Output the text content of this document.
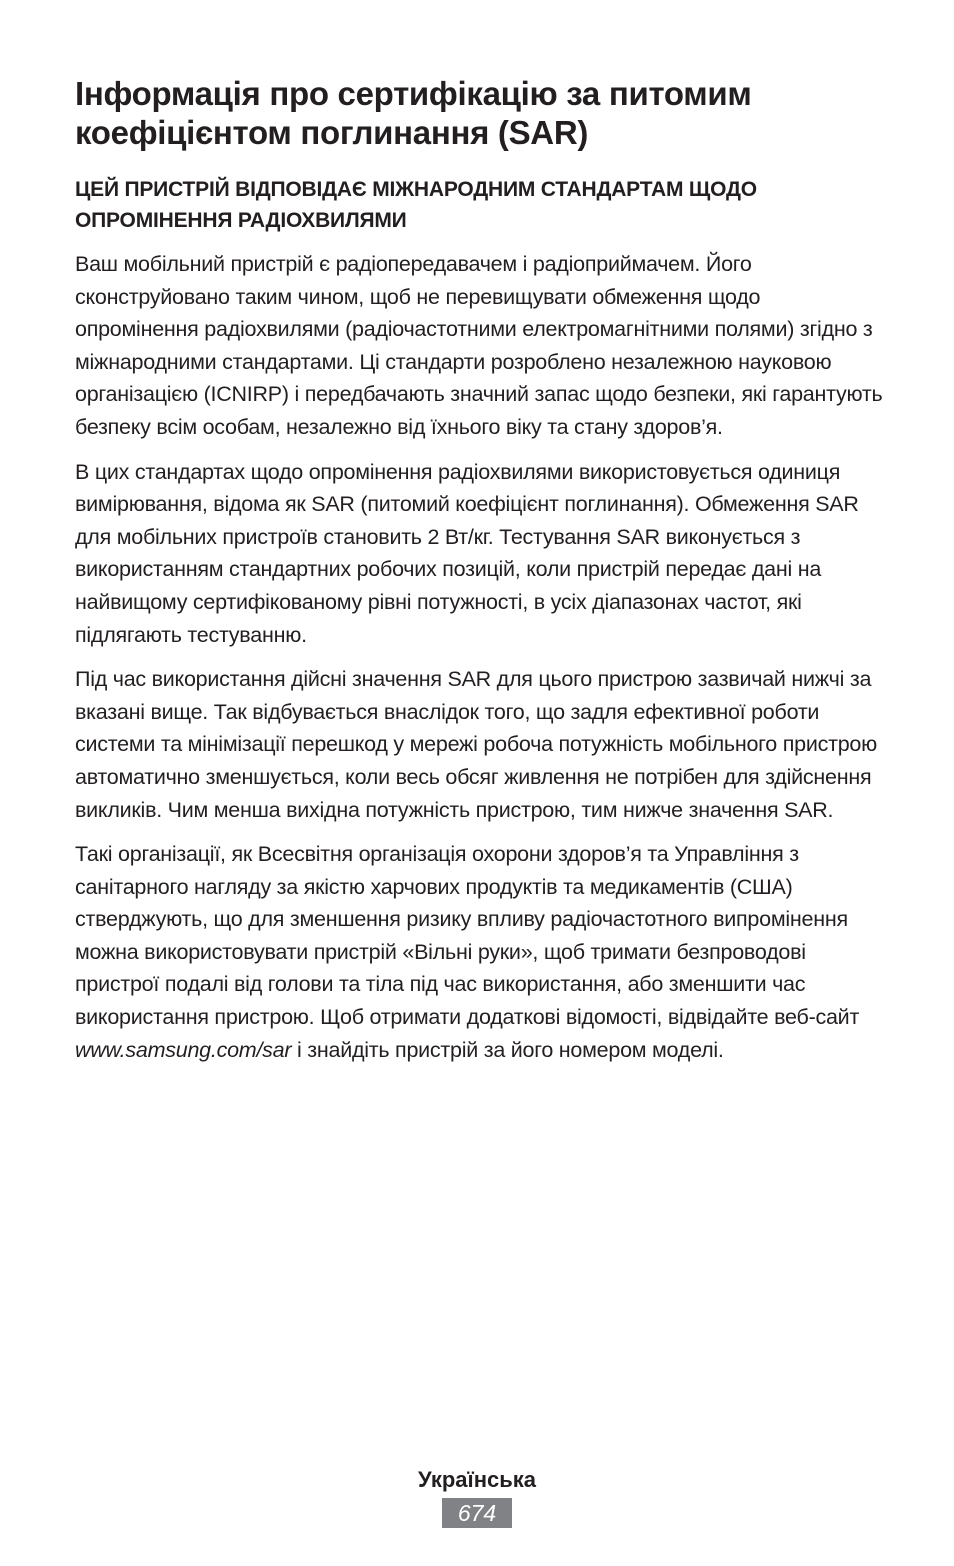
Інформація про сертифікацію за питомим коефіцієнтом поглинання (SAR)
ЦЕЙ ПРИСТРІЙ ВІДПОВІДАЄ МІЖНАРОДНИМ СТАНДАРТАМ ЩОДО ОПРОМІНЕННЯ РАДІОХВИЛЯМИ

Ваш мобільний пристрій є радіопередавачем і радіоприймачем. Його сконструйовано таким чином, щоб не перевищувати обмеження щодо опромінення радіохвилями (радіочастотними електромагнітними полями) згідно з міжнародними стандартами. Ці стандарти розроблено незалежною науковою організацією (ICNIRP) і передбачають значний запас щодо безпеки, які гарантують безпеку всім особам, незалежно від їхнього віку та стану здоров’я.

В цих стандартах щодо опромінення радіохвилями використовується одиниця вимірювання, відома як SAR (питомий коефіцієнт поглинання). Обмеження SAR для мобільних пристроїв становить 2 Вт/кг. Тестування SAR виконується з використанням стандартних робочих позицій, коли пристрій передає дані на найвищому сертифікованому рівні потужності, в усіх діапазонах частот, які підлягають тестуванню.

Під час використання дійсні значення SAR для цього пристрою зазвичай нижчі за вказані вище. Так відбувається внаслідок того, що задля ефективної роботи системи та мінімізації перешкод у мережі робоча потужність мобільного пристрою автоматично зменшується, коли весь обсяг живлення не потрібен для здійснення викликів. Чим менша вихідна потужність пристрою, тим нижче значення SAR.

Такі організації, як Всесвітня організація охорони здоров’я та Управління з санітарного нагляду за якістю харчових продуктів та медикаментів (США) стверджують, що для зменшення ризику впливу радіочастотного випромінення можна використовувати пристрій «Вільні руки», щоб тримати безпроводові пристрої подалі від голови та тіла під час використання, або зменшити час використання пристрою. Щоб отримати додаткові відомості, відвідайте веб-сайт www.samsung.com/sar і знайдіть пристрій за його номером моделі.

Українська
674
